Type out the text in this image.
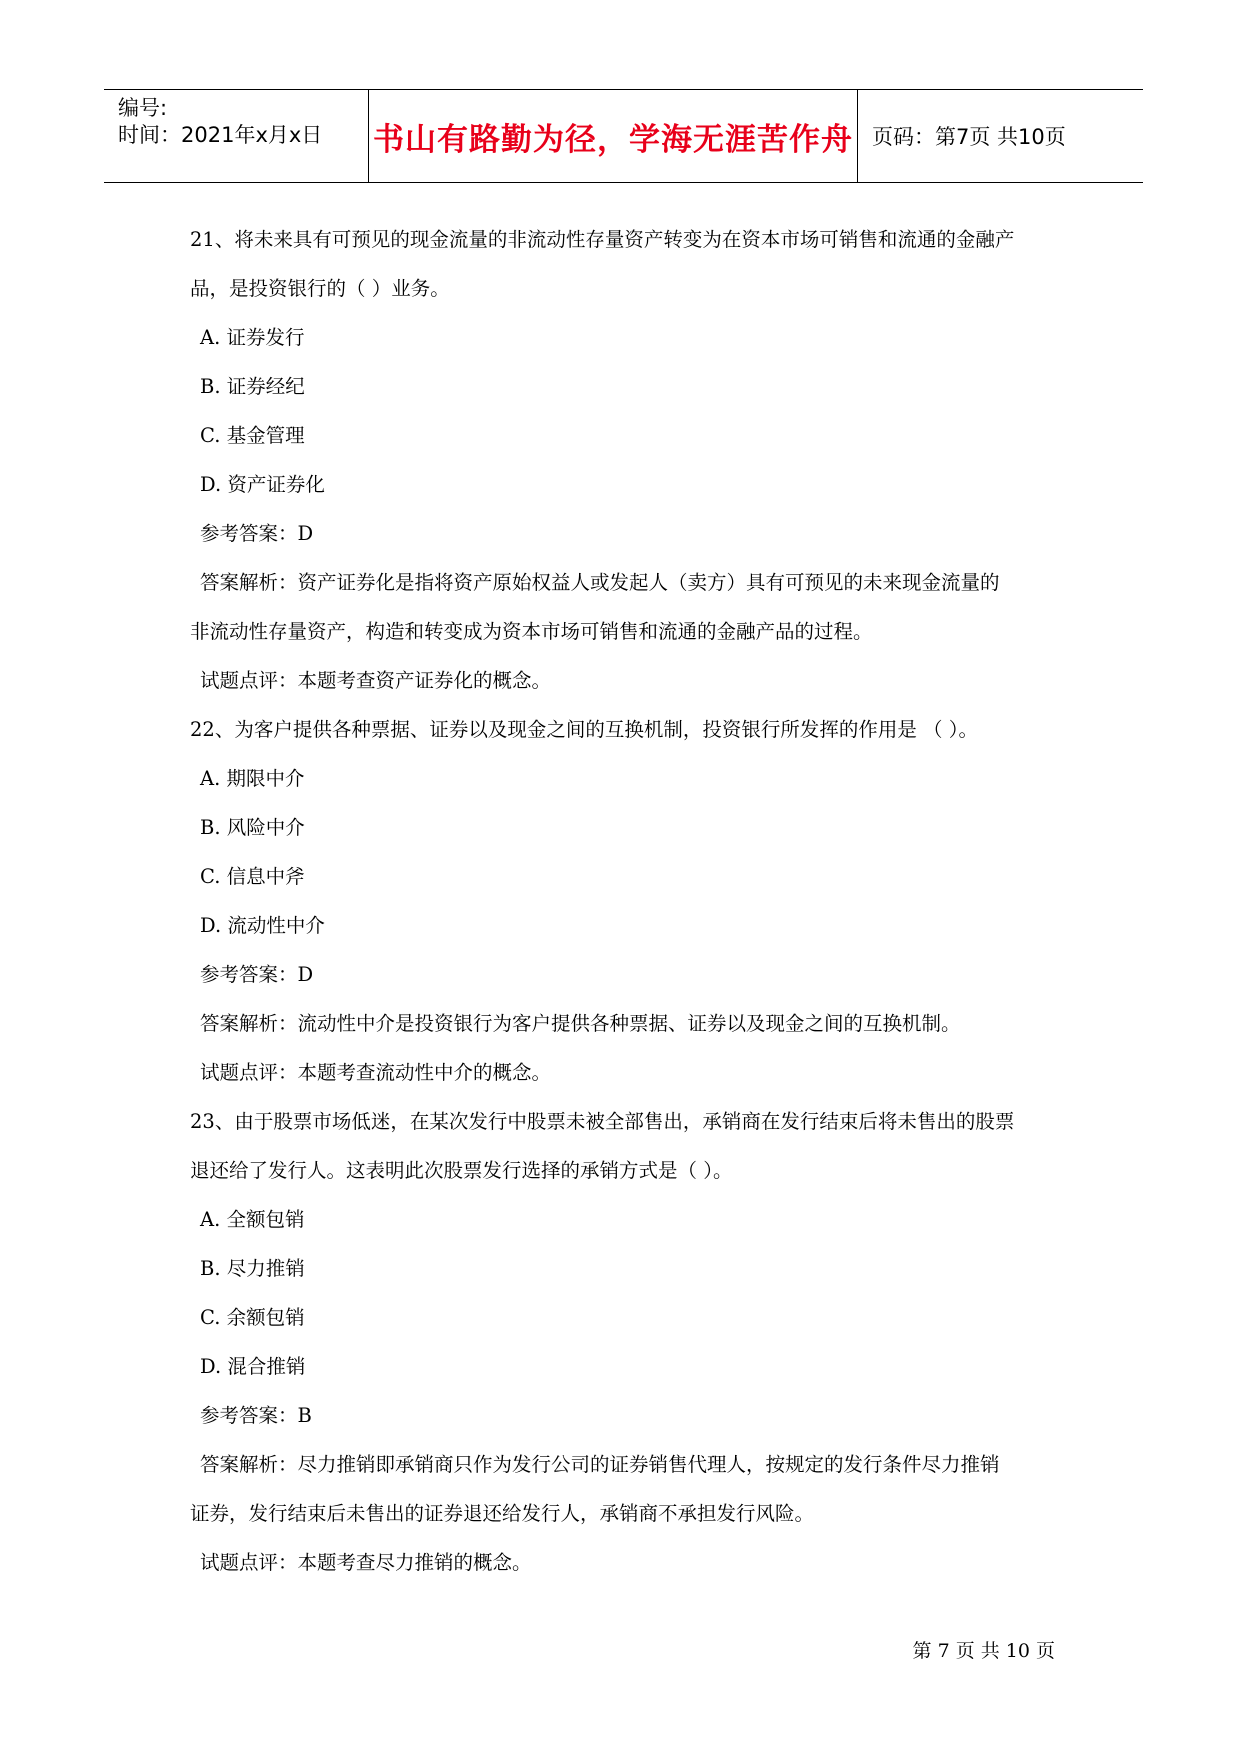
编号:
时间：2021年x月x日 书山有路勤为径，学海无涯苦作舟 页码：第7页 共10页
21、将未来具有可预见的现金流量的非流动性存量资产转变为在资本市场可销售和流通的金融产
品，是投资银行的（ ）业务。
A. 证券发行
B. 证券经纪
C. 基金管理
D. 资产证券化
参考答案：D
答案解析：资产证券化是指将资产原始权益人或发起人（卖方）具有可预见的未来现金流量的
非流动性存量资产，构造和转变成为资本市场可销售和流通的金融产品的过程。
试题点评：本题考查资产证券化的概念。
22、为客户提供各种票据、证券以及现金之间的互换机制，投资银行所发挥的作用是 （ ）。
A. 期限中介
B. 风险中介
C. 信息中斧
D. 流动性中介
参考答案：D
答案解析：流动性中介是投资银行为客户提供各种票据、证券以及现金之间的互换机制。
试题点评：本题考查流动性中介的概念。
23、由于股票市场低迷，在某次发行中股票未被全部售出，承销商在发行结束后将未售出的股票
退还给了发行人。这表明此次股票发行选择的承销方式是（ ）。
A. 全额包销
B. 尽力推销
C. 余额包销
D. 混合推销
参考答案：B
答案解析：尽力推销即承销商只作为发行公司的证券销售代理人，按规定的发行条件尽力推销
证券，发行结束后未售出的证券退还给发行人，承销商不承担发行风险。
试题点评：本题考查尽力推销的概念。
第 7 页 共 10 页
